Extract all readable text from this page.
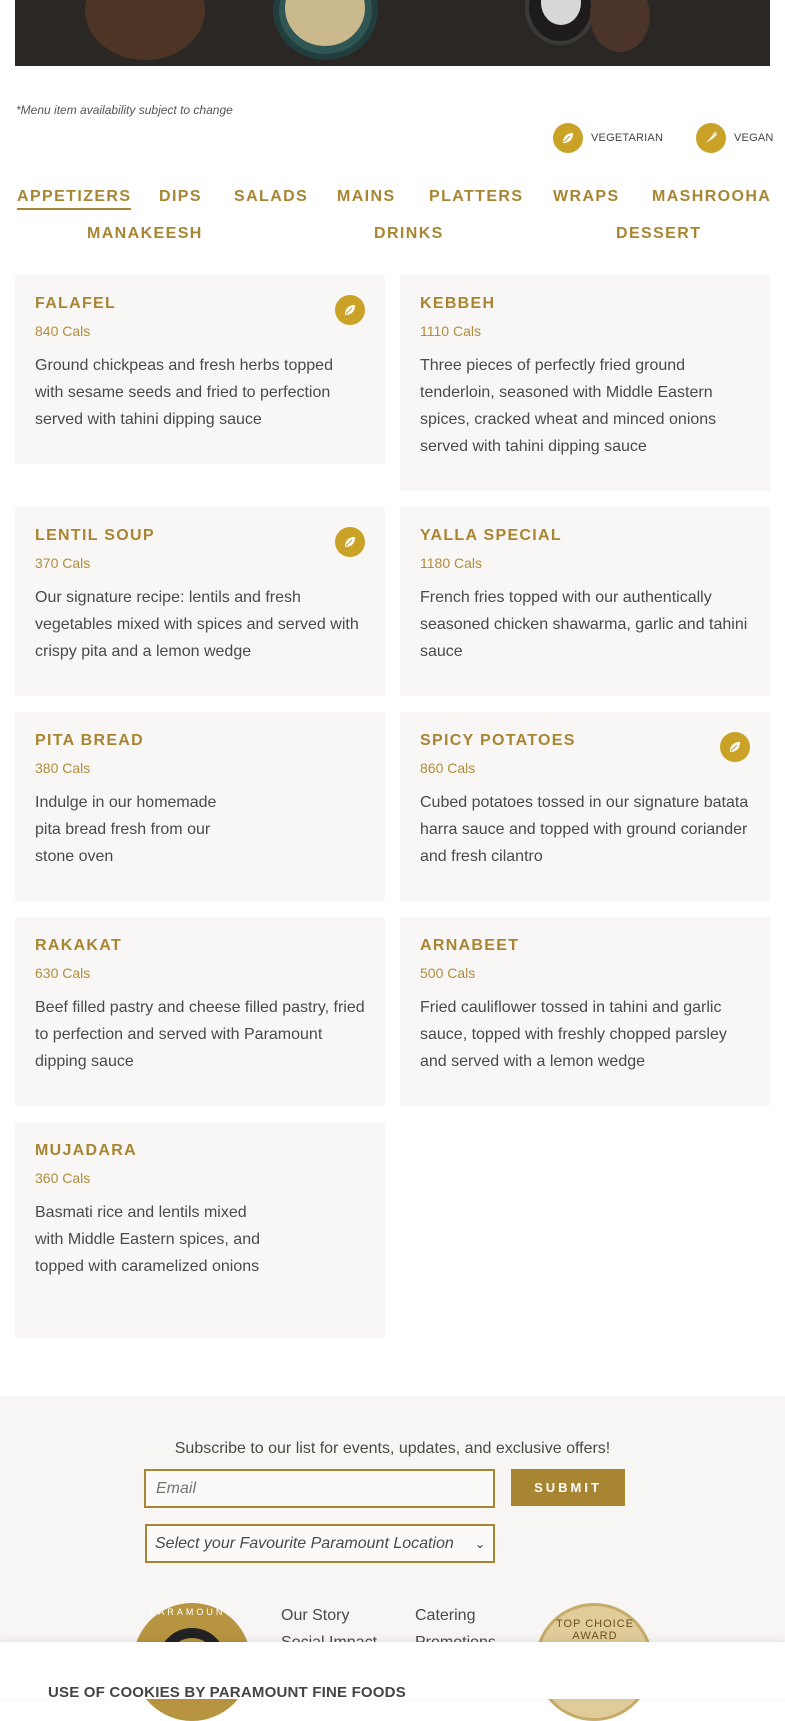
*Menu item availability subject to change
VEGETARIAN	VEGAN
APPETIZERS DIPS SALADS MAINS PLATTERS WRAPS MASHROOHA
MANAKEESH	DRINKS	DESSERT
FALAFEL
840 Cals
Ground chickpeas and fresh herbs topped with sesame seeds and fried to perfection served with tahini dipping sauce
KEBBEH
1110 Cals
Three pieces of perfectly fried ground tenderloin, seasoned with Middle Eastern spices, cracked wheat and minced onions served with tahini dipping sauce
LENTIL SOUP
370 Cals
Our signature recipe: lentils and fresh vegetables mixed with spices and served with crispy pita and a lemon wedge
YALLA SPECIAL
1180 Cals
French fries topped with our authentically seasoned chicken shawarma, garlic and tahini sauce
PITA BREAD
380 Cals
Indulge in our homemade pita bread fresh from our stone oven
SPICY POTATOES
860 Cals
Cubed potatoes tossed in our signature batata harra sauce and topped with ground coriander and fresh cilantro
RAKAKAT
630 Cals
Beef filled pastry and cheese filled pastry, fried to perfection and served with Paramount dipping sauce
ARNABEET
500 Cals
Fried cauliflower tossed in tahini and garlic sauce, topped with freshly chopped parsley and served with a lemon wedge
MUJADARA
360 Cals
Basmati rice and lentils mixed with Middle Eastern spices, and topped with caramelized onions
Subscribe to our list for events, updates, and exclusive offers!
Email
SUBMIT
Select your Favourite Paramount Location ⌄
PARAMOUNT
TOP CHOICE AWARD
Our Story	Catering
USE OF COOKIES BY PARAMOUNT FINE FOODS
